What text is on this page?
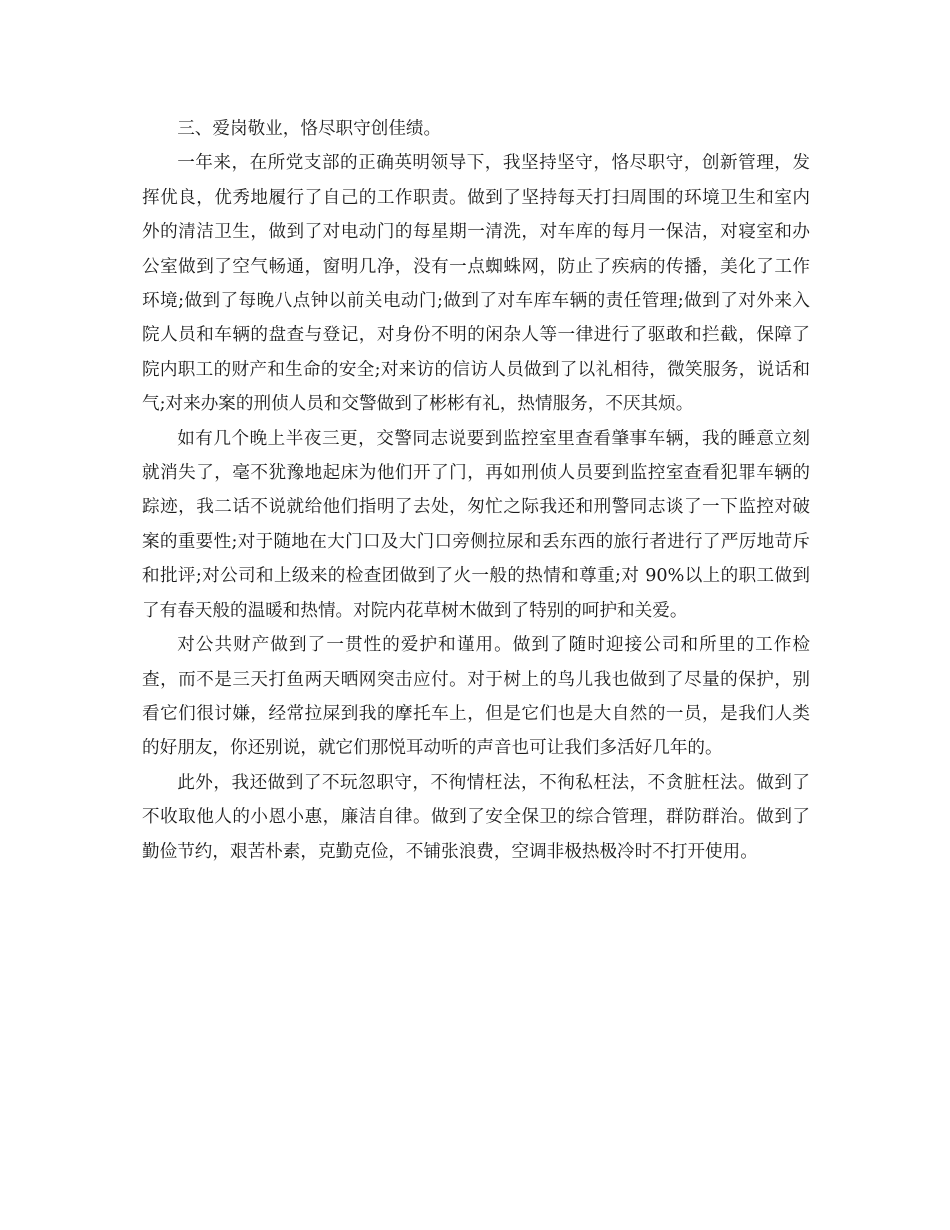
三、爱岗敬业，恪尽职守创佳绩。

一年来，在所党支部的正确英明领导下，我坚持坚守，恪尽职守，创新管理，发挥优良，优秀地履行了自己的工作职责。做到了坚持每天打扫周围的环境卫生和室内外的清洁卫生，做到了对电动门的每星期一清洗，对车库的每月一保洁，对寝室和办公室做到了空气畅通，窗明几净，没有一点蜘蛛网，防止了疾病的传播，美化了工作环境;做到了每晚八点钟以前关电动门;做到了对车库车辆的责任管理;做到了对外来入院人员和车辆的盘查与登记，对身份不明的闲杂人等一律进行了驱敢和拦截，保障了院内职工的财产和生命的安全;对来访的信访人员做到了以礼相待，微笑服务，说话和气;对来办案的刑侦人员和交警做到了彬彬有礼，热情服务，不厌其烦。

如有几个晚上半夜三更，交警同志说要到监控室里查看肇事车辆，我的睡意立刻就消失了，毫不犹豫地起床为他们开了门，再如刑侦人员要到监控室查看犯罪车辆的踪迹，我二话不说就给他们指明了去处，匆忙之际我还和刑警同志谈了一下监控对破案的重要性;对于随地在大门口及大门口旁侧拉尿和丢东西的旅行者进行了严厉地苛斥和批评;对公司和上级来的检查团做到了火一般的热情和尊重;对 90%以上的职工做到了有春天般的温暖和热情。对院内花草树木做到了特别的呵护和关爱。

对公共财产做到了一贯性的爱护和谨用。做到了随时迎接公司和所里的工作检查，而不是三天打鱼两天晒网突击应付。对于树上的鸟儿我也做到了尽量的保护，别看它们很讨嫌，经常拉屎到我的摩托车上，但是它们也是大自然的一员，是我们人类的好朋友，你还别说，就它们那悦耳动听的声音也可让我们多活好几年的。

此外，我还做到了不玩忽职守，不徇情枉法，不徇私枉法，不贪脏枉法。做到了不收取他人的小恩小惠，廉洁自律。做到了安全保卫的综合管理，群防群治。做到了勤俭节约，艰苦朴素，克勤克俭，不铺张浪费，空调非极热极冷时不打开使用。
